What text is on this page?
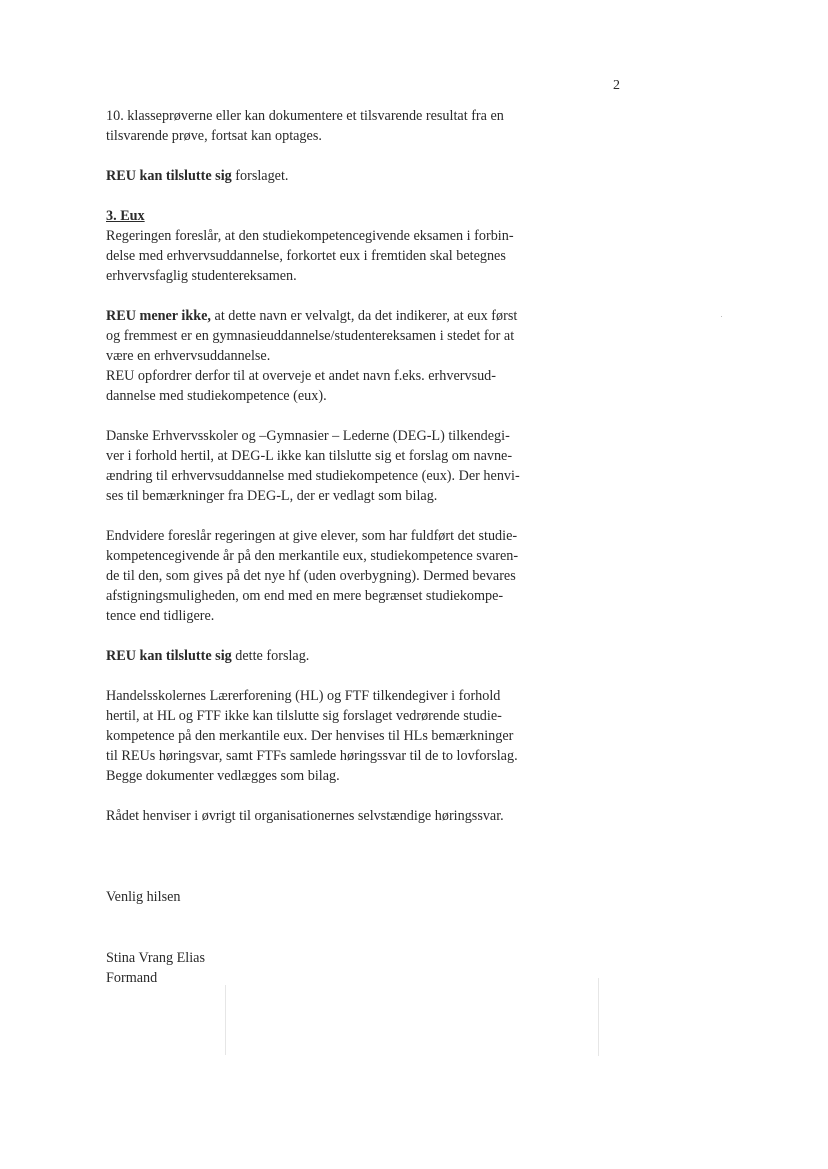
2

10. klasseprøverne eller kan dokumentere et tilsvarende resultat fra en
tilsvarende prøve, fortsat kan optages.

REU kan tilslutte sig forslaget.

3. Eux
Regeringen foreslår, at den studiekompetencegivende eksamen i forbin-
delse med erhvervsuddannelse, forkortet eux i fremtiden skal betegnes
erhvervsfaglig studentereksamen.

REU mener ikke, at dette navn er velvalgt, da det indikerer, at eux først
og fremmest er en gymnasieuddannelse/studentereksamen i stedet for at
være en erhvervsuddannelse.
REU opfordrer derfor til at overveje et andet navn f.eks. erhvervsud-
dannelse med studiekompetence (eux).

Danske Erhvervsskoler og –Gymnasier – Lederne (DEG-L) tilkendegi-
ver i forhold hertil, at DEG-L ikke kan tilslutte sig et forslag om navne-
ændring til erhvervsuddannelse med studiekompetence (eux). Der henvi-
ses til bemærkninger fra DEG-L, der er vedlagt som bilag.

Endvidere foreslår regeringen at give elever, som har fuldført det studie-
kompetencegivende år på den merkantile eux, studiekompetence svaren-
de til den, som gives på det nye hf (uden overbygning). Dermed bevares
afstigningsmuligheden, om end med en mere begrænset studiekompe-
tence end tidligere.

REU kan tilslutte sig dette forslag.

Handelsskolernes Lærerforening (HL) og FTF tilkendegiver i forhold
hertil, at HL og FTF ikke kan tilslutte sig forslaget vedrørende studie-
kompetence på den merkantile eux. Der henvises til HLs bemærkninger
til REUs høringsvar, samt FTFs samlede høringssvar til de to lovforslag.
Begge dokumenter vedlægges som bilag.

Rådet henviser i øvrigt til organisationernes selvstændige høringssvar.

Venlig hilsen
Stina Vrang Elias
Formand
